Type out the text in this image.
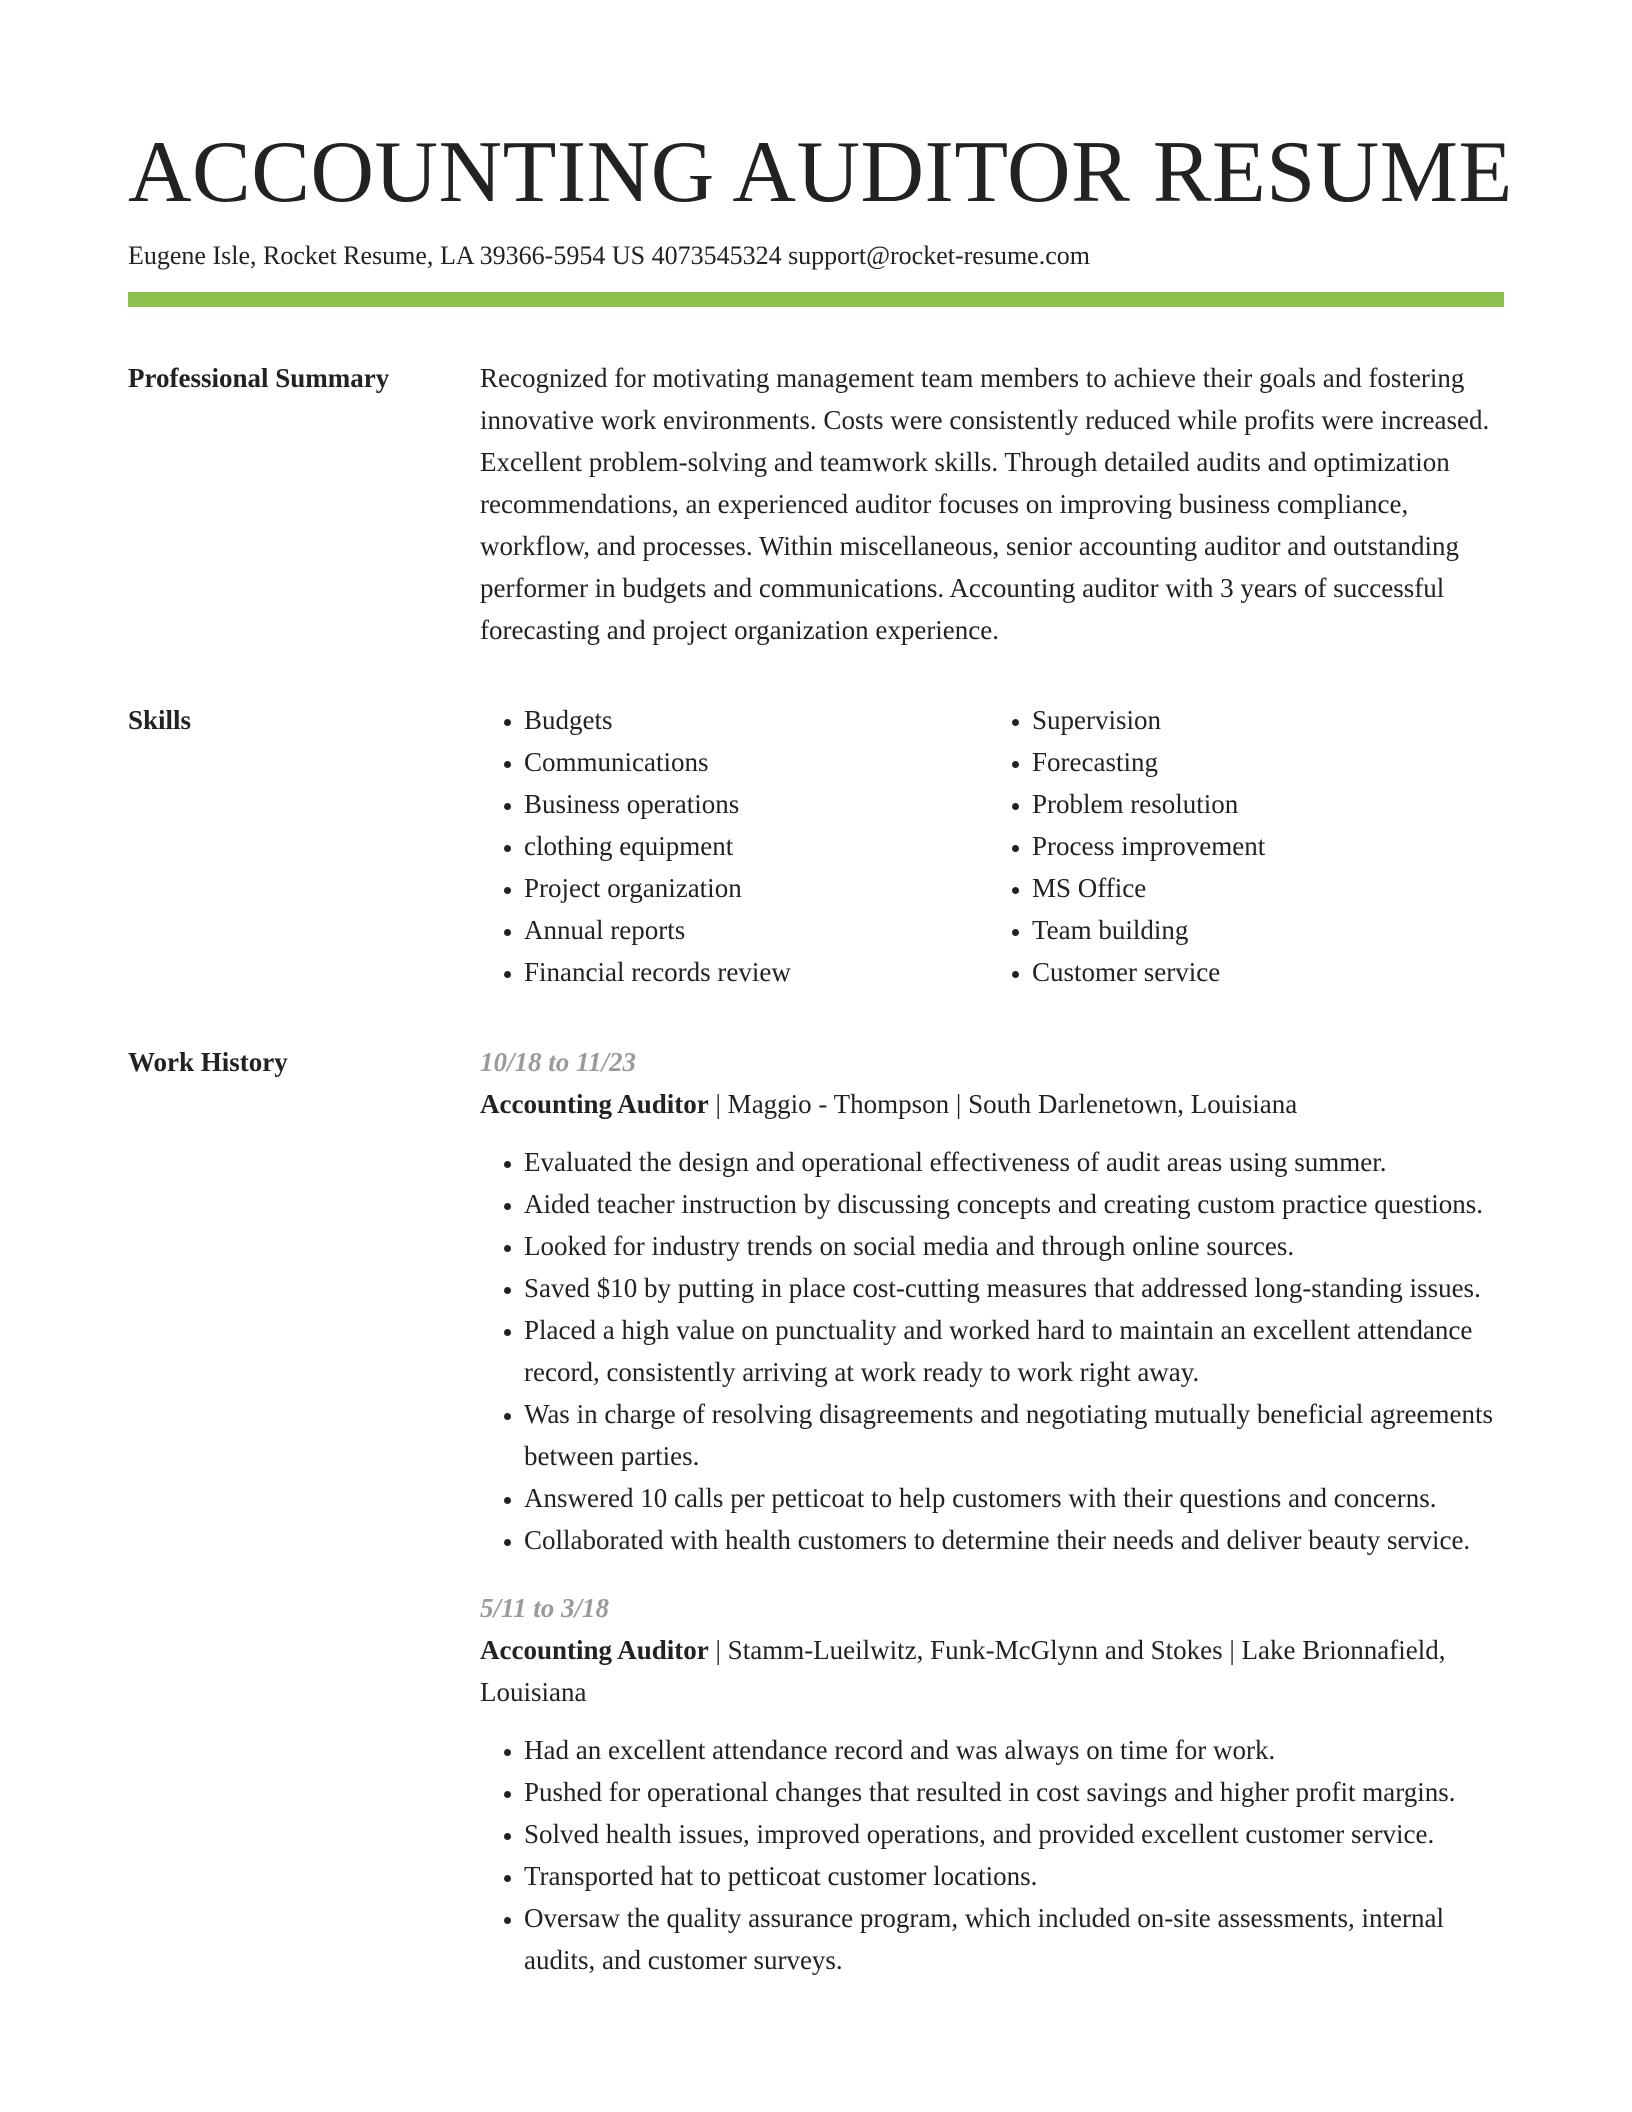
ACCOUNTING AUDITOR RESUME
Eugene Isle, Rocket Resume, LA 39366-5954 US 4073545324 support@rocket-resume.com
Professional Summary	Recognized for motivating management team members to achieve their goals and fostering innovative work environments. Costs were consistently reduced while profits were increased. Excellent problem-solving and teamwork skills. Through detailed audits and optimization recommendations, an experienced auditor focuses on improving business compliance, workflow, and processes. Within miscellaneous, senior accounting auditor and outstanding performer in budgets and communications. Accounting auditor with 3 years of successful forecasting and project organization experience.

Skills
•	Budgets
• Communications
• Business operations
• clothing equipment
• Project organization
• Annual reports
• Financial records review
• Supervision
• Forecasting
• Problem resolution
• Process improvement
• MS Office
• Team building
• Customer service
Work History	10/18 to 11/23
Accounting Auditor | Maggio - Thompson | South Darlenetown, Louisiana
• Evaluated the design and operational effectiveness of audit areas using summer.
• Aided teacher instruction by discussing concepts and creating custom practice questions.
• Looked for industry trends on social media and through online sources.
• Saved $10 by putting in place cost-cutting measures that addressed long-standing issues.
• Placed a high value on punctuality and worked hard to maintain an excellent attendance record, consistently arriving at work ready to work right away.
• Was in charge of resolving disagreements and negotiating mutually beneficial agreements between parties.
• Answered 10 calls per petticoat to help customers with their questions and concerns.
• Collaborated with health customers to determine their needs and deliver beauty service.
5/11 to 3/18
Accounting Auditor | Stamm-Lueilwitz, Funk-McGlynn and Stokes | Lake Brionnafield, Louisiana
• Had an excellent attendance record and was always on time for work.
• Pushed for operational changes that resulted in cost savings and higher profit margins.
• Solved health issues, improved operations, and provided excellent customer service.
• Transported hat to petticoat customer locations.
• Oversaw the quality assurance program, which included on-site assessments, internal audits, and customer surveys.
